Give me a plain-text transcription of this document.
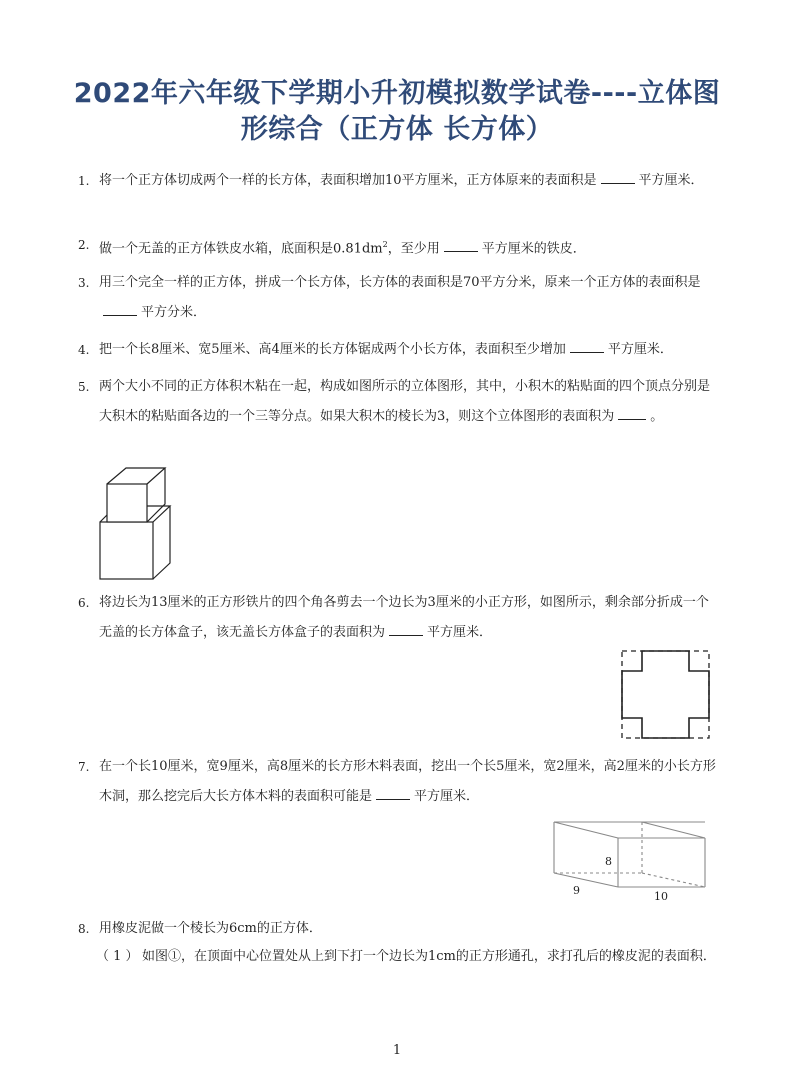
2022年六年级下学期小升初模拟数学试卷----立体图
形综合（正方体 长方体）
1. 将一个正方体切成两个一样的长方体，表面积增加10平方厘米，正方体原来的表面积是	平方厘米．
2. 做一个无盖的正方体铁皮水箱，底面积是$0.81dm^2$，至少用	平方厘米的铁皮．
3. 用三个完全一样的正方体，拼成一个长方体，长方体的表面积是70平方分米，原来一个正方体的表面积是平方分米．
4. 把一个长8厘米、宽5厘米、高4厘米的长方体锯成两个小长方体，表面积至少增加	平方厘米．
5. 两个大小不同的正方体积木粘在一起，构成如图所示的立体图形，其中，小积木的粘贴面的四个顶点分别是大积木的粘贴面各边的一个三等分点。如果大积木的棱长为3，则这个立体图形的表面积为	。
6. 将边长为13厘米的正方形铁片的四个角各剪去一个边长为3厘米的小正方形，如图所示，剩余部分折成一个无盖的长方体盒子，该无盖长方体盒子的表面积为	平方厘米．
7. 在一个长10厘米，宽9厘米，高8厘米的长方形木料表面，挖出一个长5厘米，宽2厘米，高2厘米的小长方形木洞，那么挖完后大长方体木料的表面积可能是	平方厘米．
8
9	10
8. 用橡皮泥做一个棱长为6cm的正方体．
（ 1 ） 如图①，在顶面中心位置处从上到下打一个边长为1cm的正方形通孔，求打孔后的橡皮泥的表面积．
1
